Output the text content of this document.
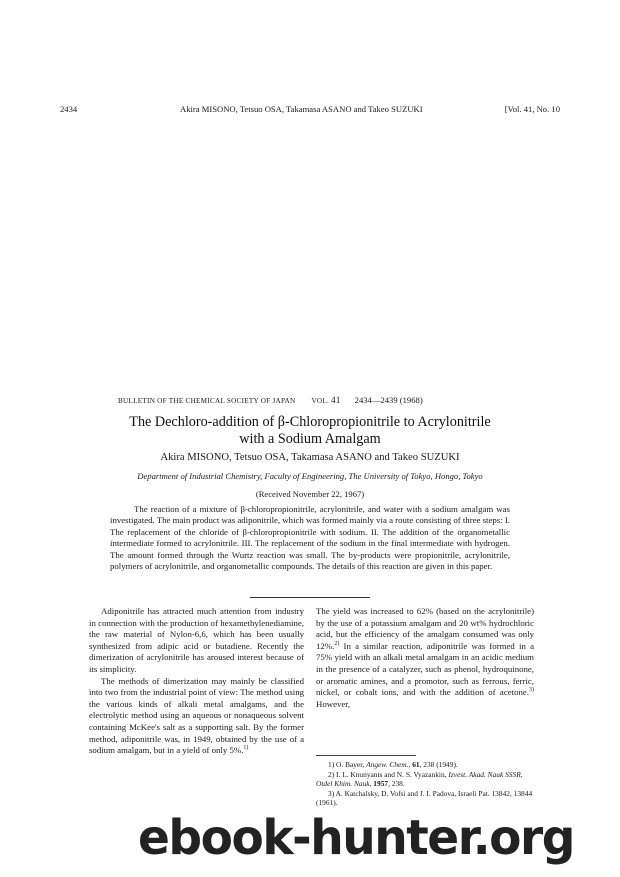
2434	Akira MISONO, Tetsuo OSA, Takamasa ASANO and Takeo SUZUKI	[Vol. 41, No. 10
BULLETIN OF THE CHEMICAL SOCIETY OF JAPAN VOL. 41 2434—2439 (1968)
The Dechloro-addition of β-Chloropropionitrile to Acrylonitrile
with a Sodium Amalgam
Akira MISONO, Tetsuo OSA, Takamasa ASANO and Takeo SUZUKI
Department of Industrial Chemistry, Faculty of Engineering, The University of Tokyo, Hongo, Tokyo
(Received November 22, 1967)
The reaction of a mixture of β-chloropropionitrile, acrylonitrile, and water with a sodium amalgam was investigated. The main product was adiponitrile, which was formed mainly via a route consisting of three steps: I. The replacement of the chloride of β-chloropropionitrile with sodium. II. The addition of the organometallic intermediate formed to acrylonitrile. III. The replacement of the sodium in the final intermediate with hydrogen. The amount formed through the Wurtz reaction was small. The by-products were propionitrile, acrylonitrile, polymers of acrylonitrile, and organometallic compounds. The details of this reaction are given in this paper.

Adiponitrile has attracted much attention from industry in connection with the production of hexamethylenediamine, the raw material of Nylon-6,6, which has been usually synthesized from adipic acid or butadiene. Recently the dimerization of acrylonitrile has aroused interest because of its simplicity.

The methods of dimerization may mainly be classified into two from the industrial point of view: The method using the various kinds of alkali metal amalgams, and the electrolytic method using an aqueous or nonaqueous solvent containing McKee's salt as a supporting salt. By the former method, adiponitrile was, in 1949, obtained by the use of a sodium amalgam, but in a yield of only 5%.$^{1)}$

The yield was increased to 62% (based on the acrylonitrile) by the use of a potassium amalgam and 20 wt% hydrochloric acid, but the efficiency of the amalgam consumed was only 12%.$^{2)}$ In a similar reaction, adiponitrile was formed in a 75% yield with an alkali metal amalgam in an acidic medium in the presence of a catalyzer, such as phenol, hydroquinone, or aromatic amines, and a promotor, such as ferrous, ferric, nickel, or cobalt ions, and with the addition of acetone.$^{3)}$ However,

1) O. Bayer, Angew. Chem., 61, 238 (1949).
2) I. L. Knunyants and N. S. Vyazankin, Izvest. Akad. Nauk SSSR, Otdel Khim. Nauk, 1957, 238.
3) A. Katchalsky, D. Vofsi and J. I. Padova, Israeli Pat. 13842, 13844 (1961).
ebook-hunter.org
